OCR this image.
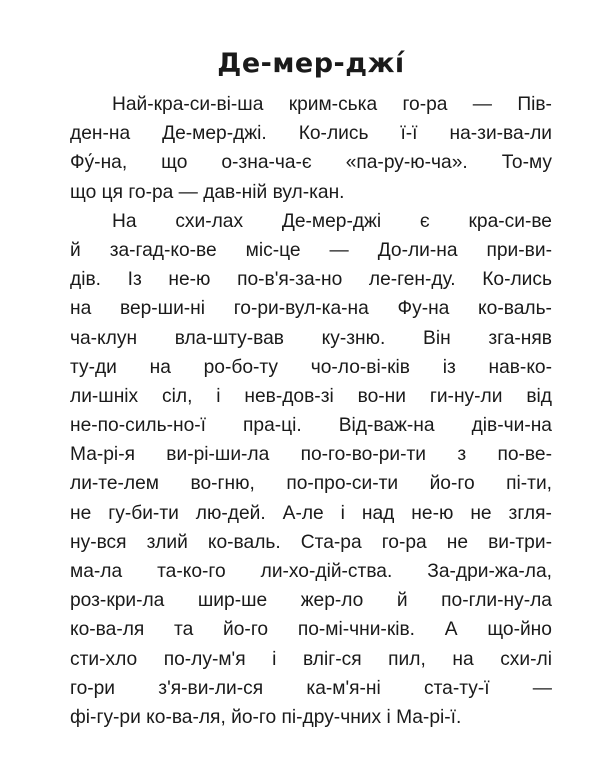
Де-мер-джі́
Най-кра-си-ві-ша крим-ська го-ра — Пів-
ден-на Де-мер-джі. Ко-лись ї-ї на-зи-ва-ли
Фу́-на, що о-зна-ча-є «па-ру-ю-ча». То-му
що
ця
го-ра
—
дав-ній
вул-кан.
На схи-лах Де-мер-джі є кра-си-ве
й за-гад-ко-ве міс-це — До-ли-на при-ви-
дів. Із не-ю по-в'я-за-но ле-ген-ду. Ко-лись
на вер-ши-ні го-ри-вул-ка-на Фу-на ко-валь-
ча-клун вла-шту-вав ку-зню. Він зга-няв
ту-ди на ро-бо-ту чо-ло-ві-ків із нав-ко-
ли-шніх сіл, і нев-дов-зі во-ни ги-ну-ли від
не-по-силь-но-ї пра-ці. Від-важ-на дів-чи-на
Ма-рі-я ви-рі-ши-ла по-го-во-ри-ти з по-ве-
ли-те-лем во-гню, по-про-си-ти йо-го пі-ти,
не гу-би-ти лю-дей. А-ле і над не-ю не згля-
ну-вся злий ко-валь. Ста-ра го-ра не ви-три-
ма-ла та-ко-го ли-хо-дій-ства. За-дри-жа-ла,
роз-кри-ла шир-ше жер-ло й по-гли-ну-ла
ко-ва-ля та йо-го по-мі-чни-ків. А що-йно
сти-хло по-лу-м'я і вліг-ся пил, на схи-лі
го-ри з'я-ви-ли-ся ка-м'я-ні ста-ту-ї —
фі-гу-ри
ко-ва-ля,
йо-го
пі-дру-чних
і
Ма-рі-ї.
